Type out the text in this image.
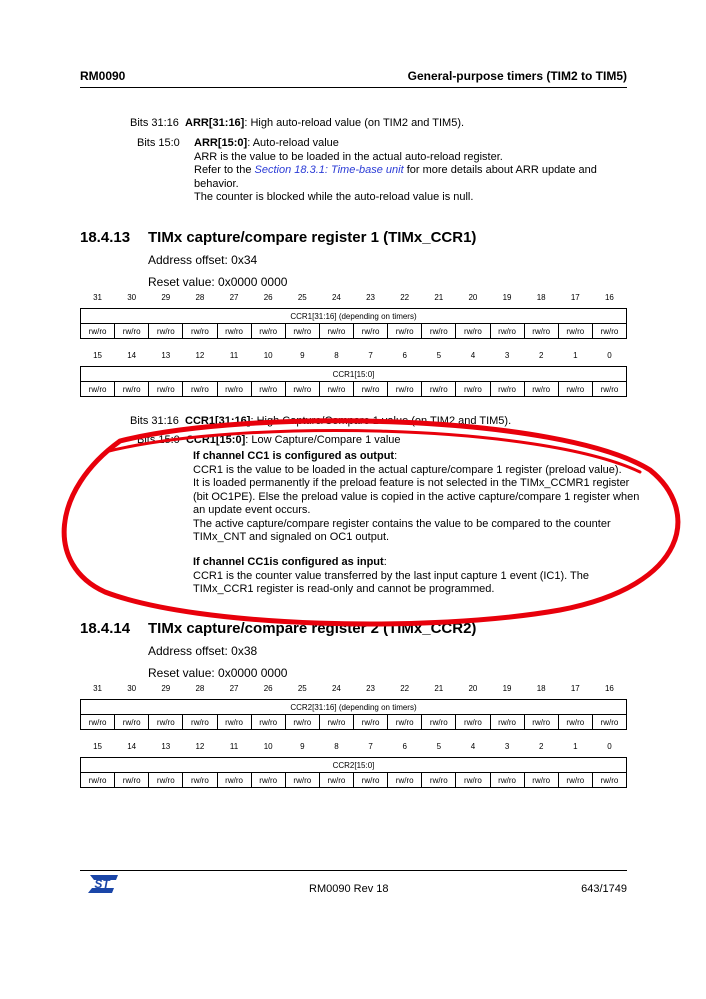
RM0090	General-purpose timers (TIM2 to TIM5)
Bits 31:16 ARR[31:16]: High auto-reload value (on TIM2 and TIM5).
Bits 15:0 ARR[15:0]: Auto-reload value
ARR is the value to be loaded in the actual auto-reload register.
Refer to the Section 18.3.1: Time-base unit for more details about ARR update and
behavior.
The counter is blocked while the auto-reload value is null.
18.4.13 TIMx capture/compare register 1 (TIMx_CCR1)
Address offset: 0x34
Reset value: 0x0000 0000
31	30	29	28	27	26	25	24	23	22	21	20	19	18	17	16
CCR1[31:16] (depending on timers)															
rw/ro	rw/ro	rw/ro	rw/ro	rw/ro	rw/ro	rw/ro	rw/ro	rw/ro	rw/ro	rw/ro	rw/ro	rw/ro	rw/ro	rw/ro	rw/ro
15	14	13	12	11	10	9	8	7	6	5	4	3	2	1	0
CCR1[15:0]															
rw/ro	rw/ro	rw/ro	rw/ro	rw/ro	rw/ro	rw/ro	rw/ro	rw/ro	rw/ro	rw/ro	rw/ro	rw/ro	rw/ro	rw/ro	rw/ro
Bits 31:16 CCR1[31:16]: High Capture/Compare 1 value (on TIM2 and TIM5).
Bits 15:0 CCR1[15:0]: Low Capture/Compare 1 value
If channel CC1 is configured as output:
CCR1 is the value to be loaded in the actual capture/compare 1 register (preload value).
It is loaded permanently if the preload feature is not selected in the TIMx_CCMR1 register
(bit OC1PE). Else the preload value is copied in the active capture/compare 1 register when
an update event occurs.
The active capture/compare register contains the value to be compared to the counter
TIMx_CNT and signaled on OC1 output.
If channel CC1is configured as input:
CCR1 is the counter value transferred by the last input capture 1 event (IC1). The
TIMx_CCR1 register is read-only and cannot be programmed.
18.4.14 TIMx capture/compare register 2 (TIMx_CCR2)
Address offset: 0x38
Reset value: 0x0000 0000
31	30	29	28	27	26	25	24	23	22	21	20	19	18	17	16
CCR2[31:16] (depending on timers)															
rw/ro	rw/ro	rw/ro	rw/ro	rw/ro	rw/ro	rw/ro	rw/ro	rw/ro	rw/ro	rw/ro	rw/ro	rw/ro	rw/ro	rw/ro	rw/ro
15	14	13	12	11	10	9	8	7	6	5	4	3	2	1	0
CCR2[15:0]															
rw/ro	rw/ro	rw/ro	rw/ro	rw/ro	rw/ro	rw/ro	rw/ro	rw/ro	rw/ro	rw/ro	rw/ro	rw/ro	rw/ro	rw/ro	rw/ro
ST	RM0090 Rev 18	643/1749
